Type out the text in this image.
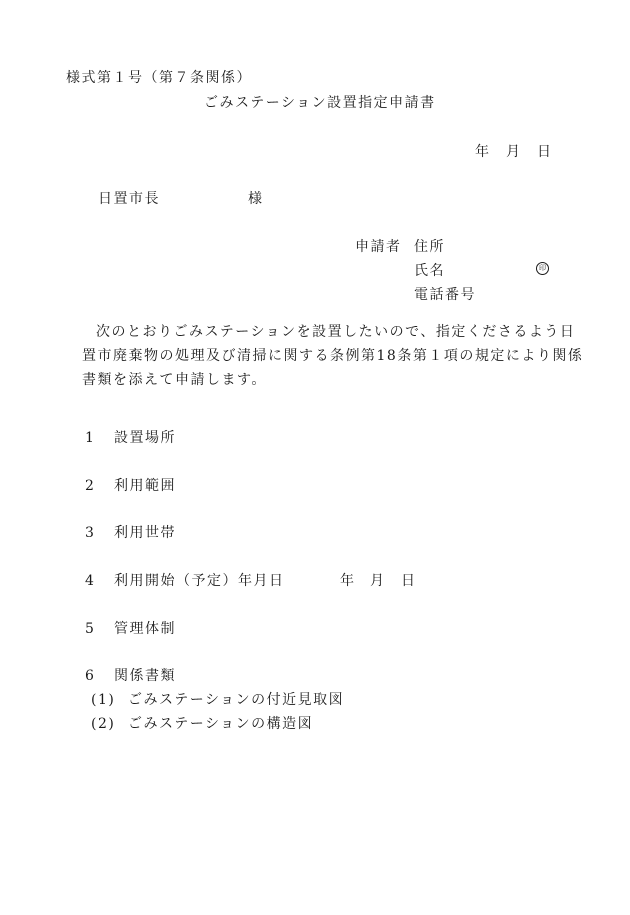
様式第１号（第７条関係）
ごみステーション設置指定申請書
年 月 日
日置市長	様
申請者 住所
氏名	印
電話番号
次のとおりごみステーションを設置したいので、指定くださるよう日
置市廃棄物の処理及び清掃に関する条例第18条第１項の規定により関係
書類を添えて申請します。
1 設置場所
2 利用範囲
3 利用世帯
4 利用開始（予定）年月日	年 月 日
5 管理体制
6 関係書類
(1) ごみステーションの付近見取図
(2) ごみステーションの構造図
